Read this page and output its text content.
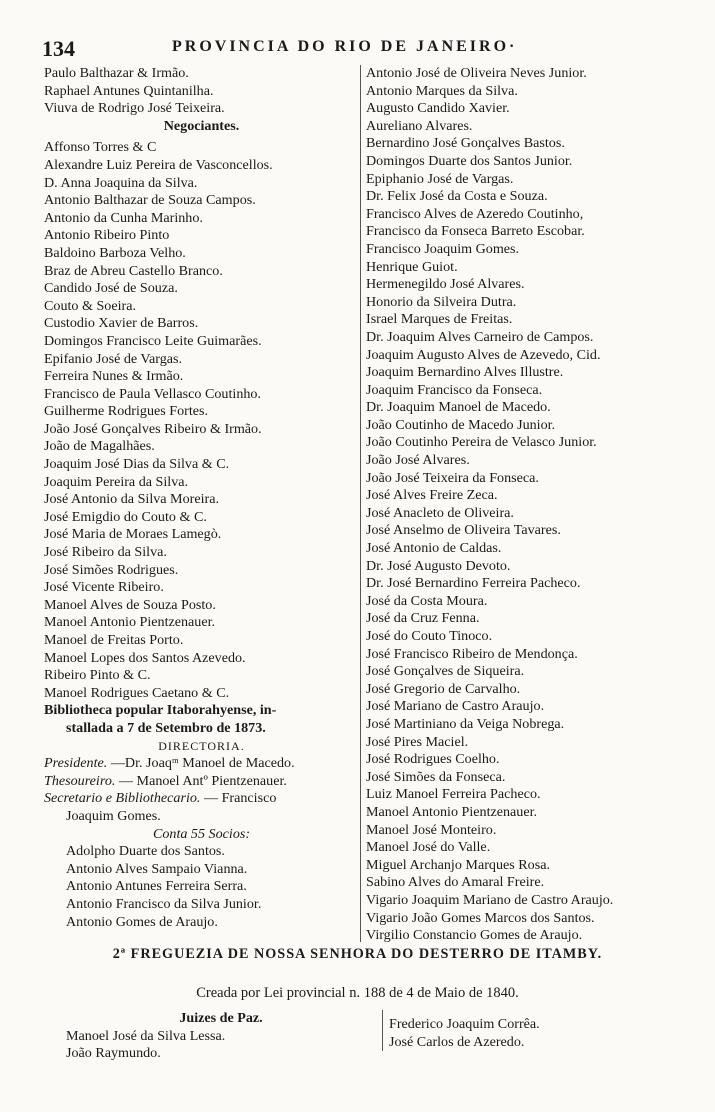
134	PROVINCIA DO RIO DE JANEIRO·
Paulo Balthazar & Irmão.
Raphael Antunes Quintanilha.
Viuva de Rodrigo José Teixeira.
Negociantes.
Affonso Torres & C
Alexandre Luiz Pereira de Vasconcellos.
D. Anna Joaquina da Silva.
Antonio Balthazar de Souza Campos.
Antonio da Cunha Marinho.
Antonio Ribeiro Pinto
Baldoino Barboza Velho.
Braz de Abreu Castello Branco.
Candido José de Souza.
Couto & Soeira.
Custodio Xavier de Barros.
Domingos Francisco Leite Guimarães.
Epifanio José de Vargas.
Ferreira Nunes & Irmão.
Francisco de Paula Vellasco Coutinho.
Guilherme Rodrigues Fortes.
João José Gonçalves Ribeiro & Irmão.
João de Magalhães.
Joaquim José Dias da Silva & C.
Joaquim Pereira da Silva.
José Antonio da Silva Moreira.
José Emigdio do Couto & C.
José Maria de Moraes Lamegò.
José Ribeiro da Silva.
José Simões Rodrigues.
José Vicente Ribeiro.
Manoel Alves de Souza Posto.
Manoel Antonio Pientzenauer.
Manoel de Freitas Porto.
Manoel Lopes dos Santos Azevedo.
Ribeiro Pinto & C.
Manoel Rodrigues Caetano & C.
Bibliotheca popular Itaborahyense, in-
stallada a 7 de Setembro de 1873.
DIRECTORIA.
Presidente. —Dr. Joaqᵐ Manoel de Macedo.
Thesoureiro. — Manoel Antº Pientzenauer.
Secretario e Bibliothecario. — Francisco
Joaquim Gomes.
Conta 55 Socios:
Adolpho Duarte dos Santos.
Antonio Alves Sampaio Vianna.
Antonio Antunes Ferreira Serra.
Antonio Francisco da Silva Junior.
Antonio Gomes de Araujo.
Antonio José de Oliveira Neves Junior.
Antonio Marques da Silva.
Augusto Candido Xavier.
Aureliano Alvares.
Bernardino José Gonçalves Bastos.
Domingos Duarte dos Santos Junior.
Epiphanio José de Vargas.
Dr. Felix José da Costa e Souza.
Francisco Alves de Azeredo Coutinho,
Francisco da Fonseca Barreto Escobar.
Francisco Joaquim Gomes.
Henrique Guiot.
Hermenegildo José Alvares.
Honorio da Silveira Dutra.
Israel Marques de Freitas.
Dr. Joaquim Alves Carneiro de Campos.
Joaquim Augusto Alves de Azevedo, Cid.
Joaquim Bernardino Alves Illustre.
Joaquim Francisco da Fonseca.
Dr. Joaquim Manoel de Macedo.
João Coutinho de Macedo Junior.
João Coutinho Pereira de Velasco Junior.
João José Alvares.
João José Teixeira da Fonseca.
José Alves Freire Zeca.
José Anacleto de Oliveira.
José Anselmo de Oliveira Tavares.
José Antonio de Caldas.
Dr. José Augusto Devoto.
Dr. José Bernardino Ferreira Pacheco.
José da Costa Moura.
José da Cruz Fenna.
José do Couto Tinoco.
José Francisco Ribeiro de Mendonça.
José Gonçalves de Siqueira.
José Gregorio de Carvalho.
José Mariano de Castro Araujo.
José Martiniano da Veiga Nobrega.
José Pires Maciel.
José Rodrigues Coelho.
José Simões da Fonseca.
Luiz Manoel Ferreira Pacheco.
Manoel Antonio Pientzenauer.
Manoel José Monteiro.
Manoel José do Valle.
Miguel Archanjo Marques Rosa.
Sabino Alves do Amaral Freire.
Vigario Joaquim Mariano de Castro Araujo.
Vigario João Gomes Marcos dos Santos.
Virgilio Constancio Gomes de Araujo.
2ª FREGUEZIA DE NOSSA SENHORA DO DESTERRO DE ITAMBY.
Creada por Lei provincial n. 188 de 4 de Maio de 1840.
Juizes de Paz.
Manoel José da Silva Lessa.
João Raymundo.
Frederico Joaquim Corrêa.
José Carlos de Azeredo.
